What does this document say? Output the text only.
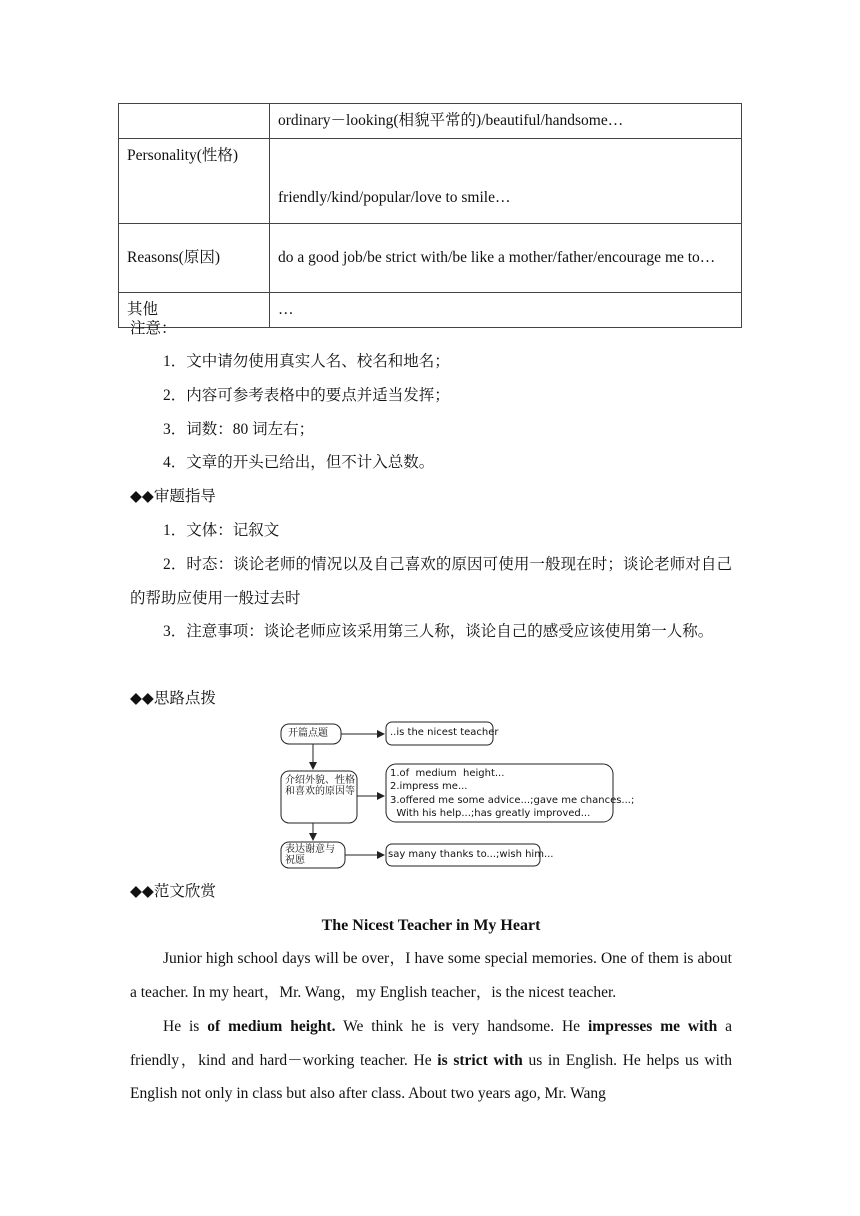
	ordinary－looking(相貌平常的)/beautiful/handsome…
Personality(性格)	friendly/kind/popular/love to smile…
Reasons(原因)	do a good job/be strict with/be like a mother/father/encourage me to…
其他	…
注意：
1．文中请勿使用真实人名、校名和地名；
2．内容可参考表格中的要点并适当发挥；
3．词数：80 词左右；
4．文章的开头已给出，但不计入总数。
◆◆审题指导
1．文体：记叙文
2．时态：谈论老师的情况以及自己喜欢的原因可使用一般现在时；谈论老师对自己的帮助应使用一般过去时
3．注意事项：谈论老师应该采用第三人称，谈论自己的感受应该使用第一人称。
◆◆思路点拨
开篇点题
介绍外貌、性格和喜欢的原因等
表达谢意与祝愿
..is the nicest teacher
1.of  medium  height...
2.impress me...
3.offered me some advice...;gave me chances...;
With his help...;has greatly improved...
say many thanks to...;wish him...
◆◆范文欣赏
The Nicest Teacher in My Heart
Junior high school days will be over，I have some special memories. One of them is about a teacher. In my heart，Mr. Wang，my English teacher，is the nicest teacher.
He is of medium height. We think he is very handsome. He impresses me with a friendly，kind and hard－working teacher. He is strict with us in English. He helps us with English not only in class but also after class. About two years ago, Mr. Wang
